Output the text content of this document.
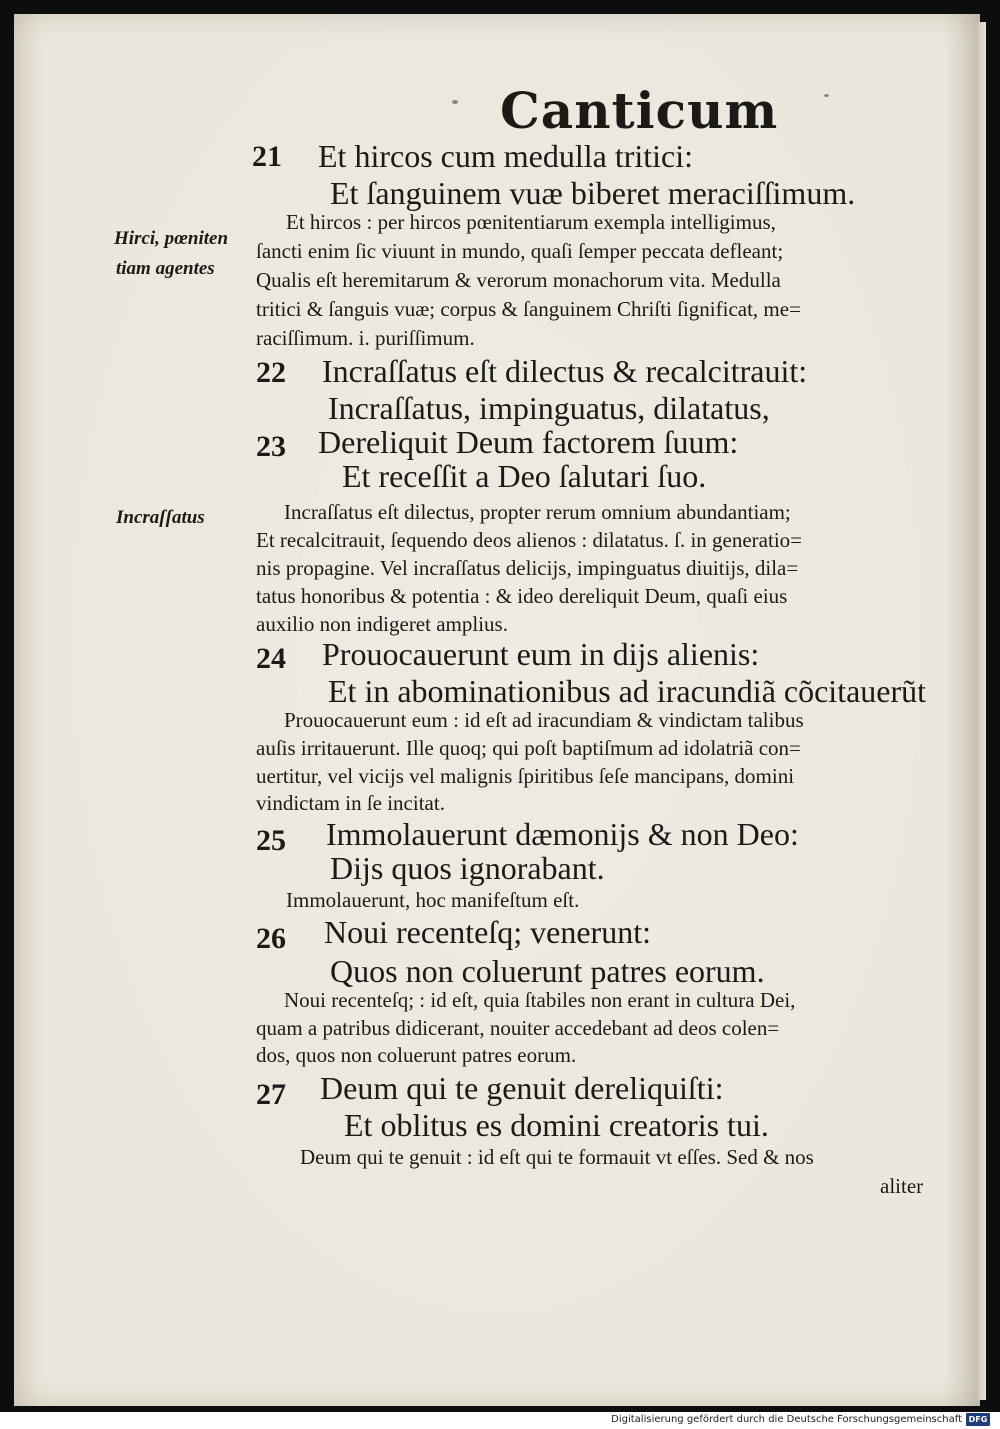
Canticum
Hirci, pœniten
tiam agentes
Incraſſatus
21 Et hircos cum medulla tritici:
Et ſanguinem vuæ biberet meraciſſimum.
Et hircos : per hircos pœnitentiarum exempla intelligimus,
ſancti enim ſic viuunt in mundo, quaſi ſemper peccata defleant;
Qualis eſt heremitarum & verorum monachorum vita. Medulla
tritici & ſanguis vuæ; corpus & ſanguinem Chriſti ſignificat, me=
raciſſimum. i. puriſſimum.
22 Incraſſatus eſt dilectus & recalcitrauit:
Incraſſatus, impinguatus, dilatatus,
23 Dereliquit Deum factorem ſuum:
Et receſſit a Deo ſalutari ſuo.
Incraſſatus eſt dilectus, propter rerum omnium abundantiam;
Et recalcitrauit, ſequendo deos alienos : dilatatus. ſ. in generatio=
nis propagine. Vel incraſſatus delicijs, impinguatus diuitijs, dila=
tatus honoribus & potentia : & ideo dereliquit Deum, quaſi eius
auxilio non indigeret amplius.
24 Prouocauerunt eum in dijs alienis:
Et in abominationibus ad iracundiã cõcitauerũt
Prouocauerunt eum : id eſt ad iracundiam & vindictam talibus
auſis irritauerunt. Ille quoq; qui poſt baptiſmum ad idolatriã con=
uertitur, vel vicijs vel malignis ſpiritibus ſeſe mancipans, domini
vindictam in ſe incitat.
25 Immolauerunt dæmonijs & non Deo:
Dijs quos ignorabant.
Immolauerunt, hoc manifeſtum eſt.
26 Noui recenteſq; venerunt:
Quos non coluerunt patres eorum.
Noui recenteſq; : id eſt, quia ſtabiles non erant in cultura Dei,
quam a patribus didicerant, nouiter accedebant ad deos colen=
dos, quos non coluerunt patres eorum.
27 Deum qui te genuit dereliquiſti:
Et oblitus es domini creatoris tui.
Deum qui te genuit : id eſt qui te formauit vt eſſes. Sed & nos
aliter
Digitalisierung gefördert durch die Deutsche Forschungsgemeinschaft DFG
